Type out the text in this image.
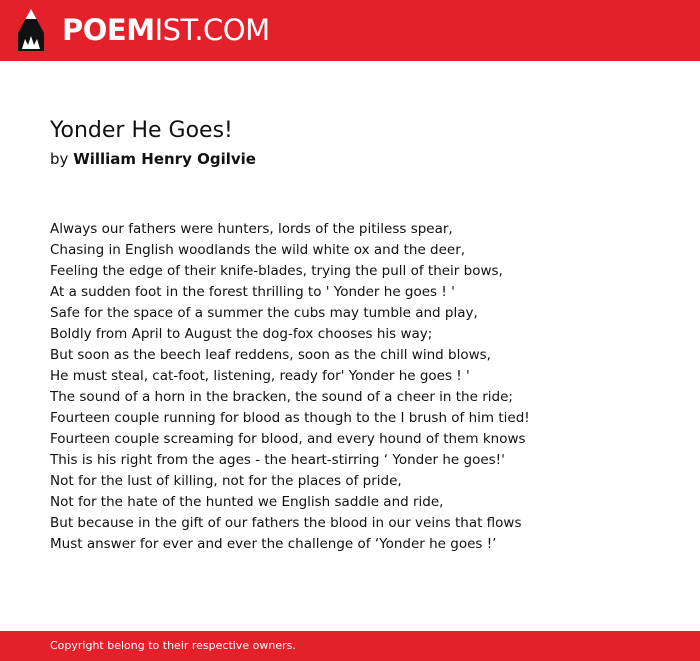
POEMIST.COM
Yonder He Goes!
by William Henry Ogilvie
Always our fathers were hunters, lords of the pitiless spear,
Chasing in English woodlands the wild white ox and the deer,
Feeling the edge of their knife-blades, trying the pull of their bows,
At a sudden foot in the forest thrilling to ' Yonder he goes ! '
Safe for the space of a summer the cubs may tumble and play,
Boldly from April to August the dog-fox chooses his way;
But soon as the beech leaf reddens, soon as the chill wind blows,
He must steal, cat-foot, listening, ready for' Yonder he goes ! '
The sound of a horn in the bracken, the sound of a cheer in the ride;
Fourteen couple running for blood as though to the I brush of him tied!
Fourteen couple screaming for blood, and every hound of them knows
This is his right from the ages - the heart-stirring ‘ Yonder he goes!'
Not for the lust of killing, not for the places of pride,
Not for the hate of the hunted we English saddle and ride,
But because in the gift of our fathers the blood in our veins that flows
Must answer for ever and ever the challenge of ‘Yonder he goes !’
Copyright belong to their respective owners.
